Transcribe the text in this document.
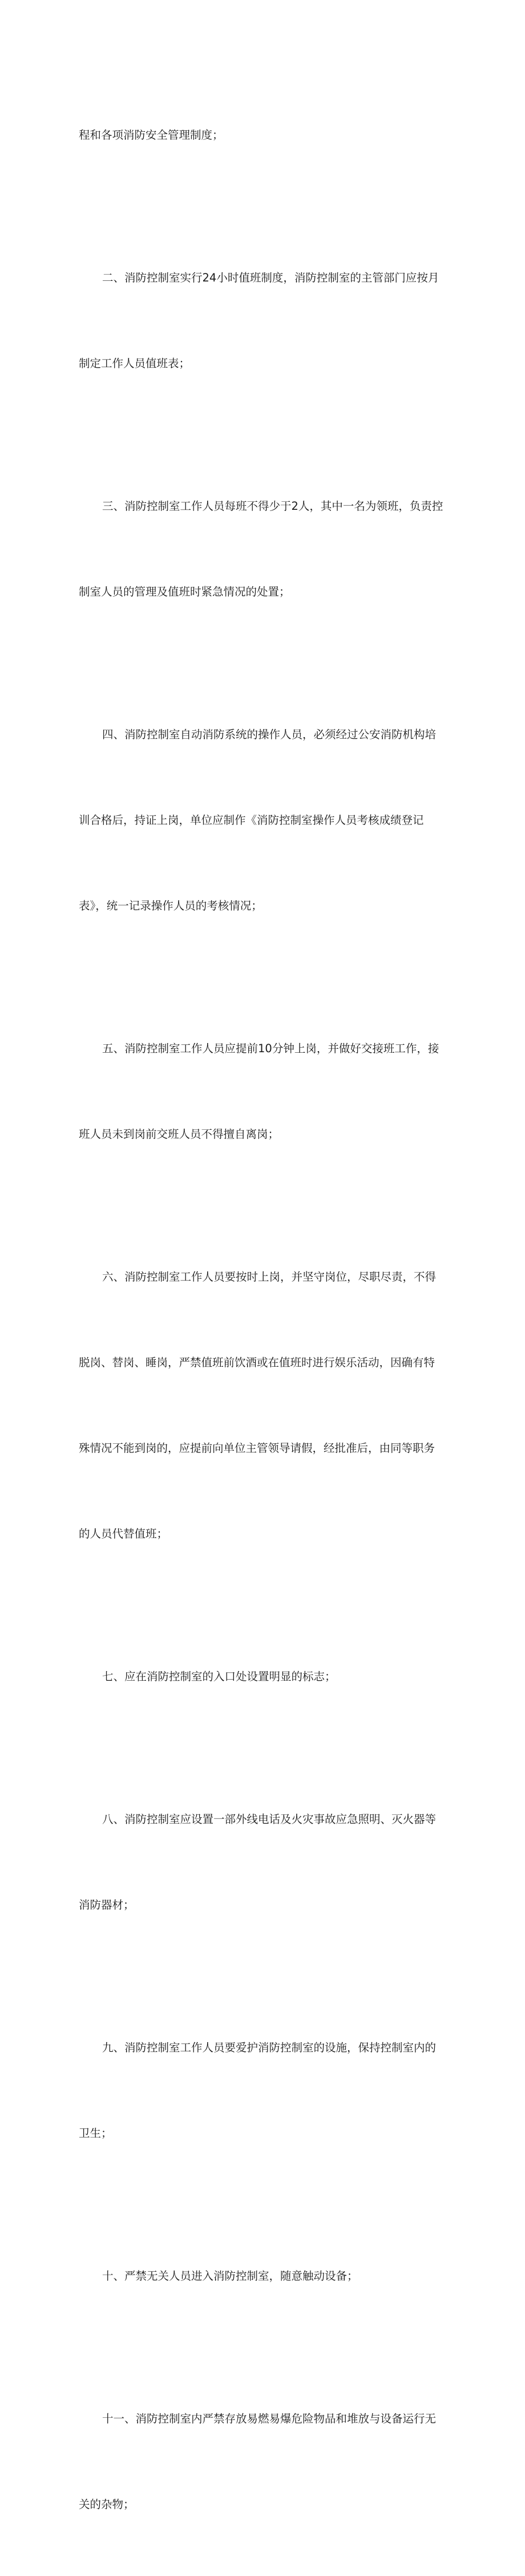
程和各项消防安全管理制度；

二、消防控制室实行24小时值班制度，消防控制室的主管部门应按月

制定工作人员值班表；

三、消防控制室工作人员每班不得少于2人，其中一名为领班，负责控

制室人员的管理及值班时紧急情况的处置；

四、消防控制室自动消防系统的操作人员，必须经过公安消防机构培

训合格后，持证上岗，单位应制作《消防控制室操作人员考核成绩登记

表》，统一记录操作人员的考核情况；

五、消防控制室工作人员应提前10分钟上岗，并做好交接班工作，接

班人员未到岗前交班人员不得擅自离岗；

六、消防控制室工作人员要按时上岗，并坚守岗位，尽职尽责，不得

脱岗、替岗、睡岗，严禁值班前饮酒或在值班时进行娱乐活动，因确有特

殊情况不能到岗的，应提前向单位主管领导请假，经批准后，由同等职务

的人员代替值班；

七、应在消防控制室的入口处设置明显的标志；

八、消防控制室应设置一部外线电话及火灾事故应急照明、灭火器等

消防器材；

九、消防控制室工作人员要爱护消防控制室的设施，保持控制室内的

卫生；

十、严禁无关人员进入消防控制室，随意触动设备；

十一、消防控制室内严禁存放易燃易爆危险物品和堆放与设备运行无

关的杂物；
